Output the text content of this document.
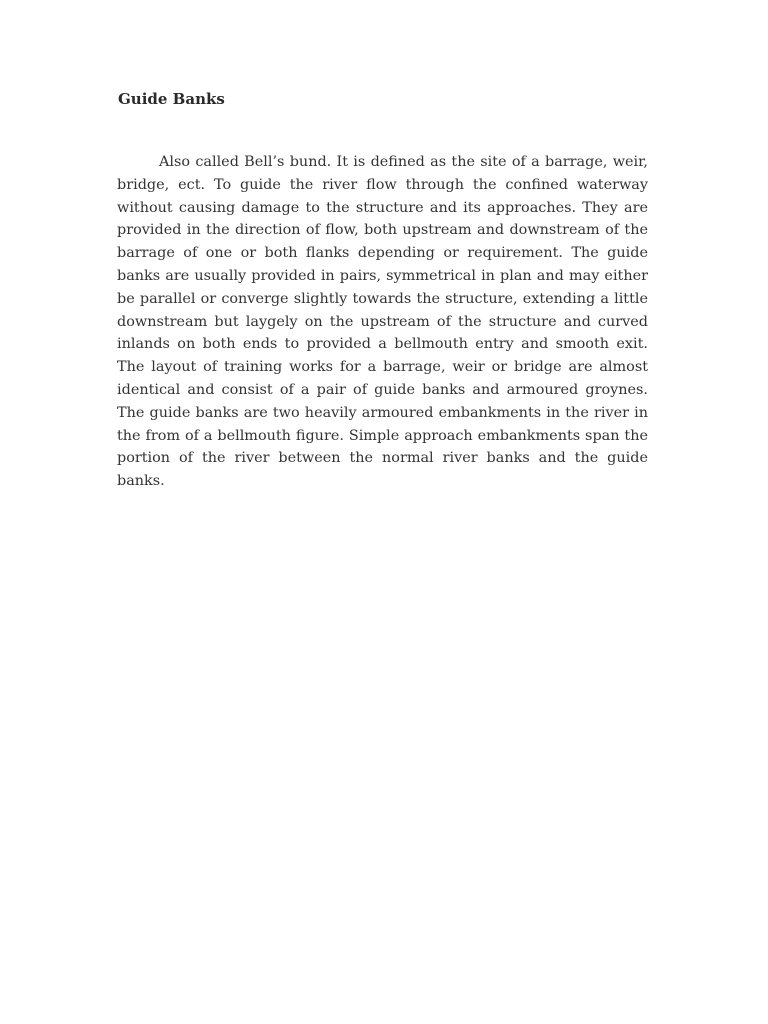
Guide Banks

Also called Bell’s bund. It is defined as the site of a barrage, weir, bridge, ect. To guide the river flow through the confined waterway without causing damage to the structure and its approaches. They are provided in the direction of flow, both upstream and downstream of the barrage of one or both flanks depending or requirement. The guide banks are usually provided in pairs, symmetrical in plan and may either be parallel or converge slightly towards the structure, extending a little downstream but laygely on the upstream of the structure and curved inlands on both ends to provided a bellmouth entry and smooth exit. The layout of training works for a barrage, weir or bridge are almost identical and consist of a pair of guide banks and armoured groynes. The guide banks are two heavily armoured embankments in the river in the from of a bellmouth figure. Simple approach embankments span the portion of the river between the normal river banks and the guide banks.
